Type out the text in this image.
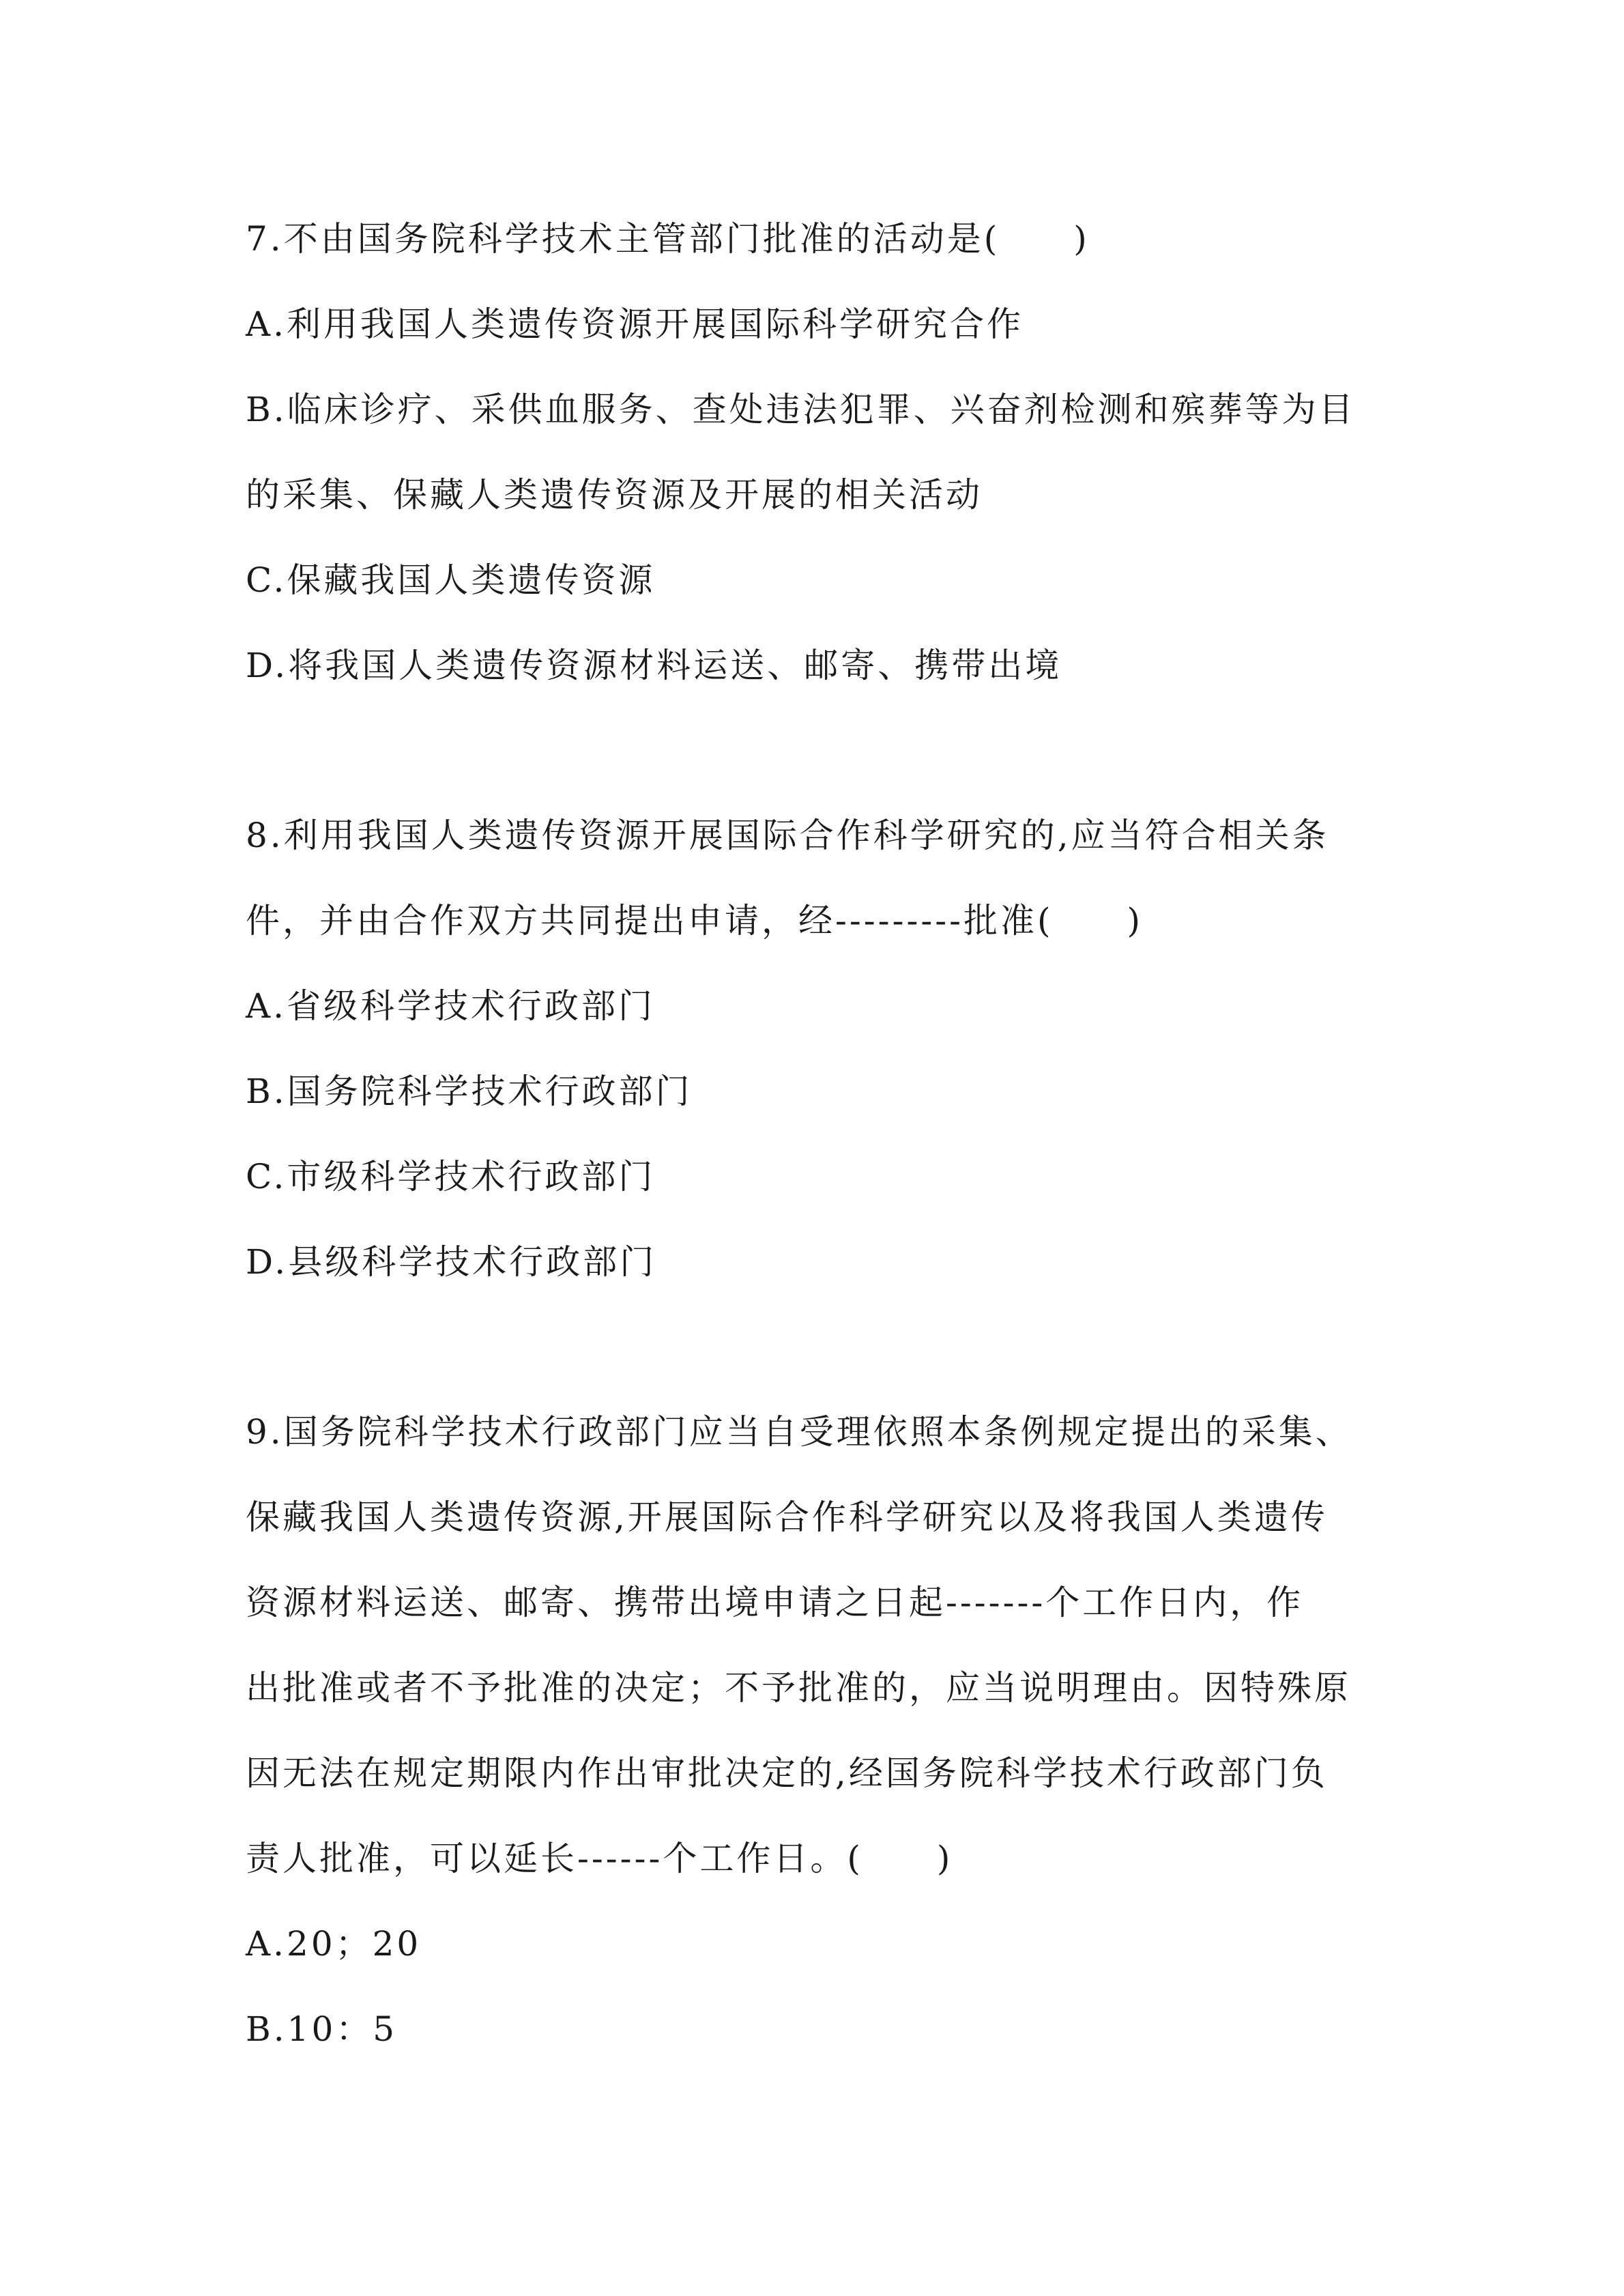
7.不由国务院科学技术主管部门批准的活动是(　　)
A.利用我国人类遗传资源开展国际科学研究合作
B.临床诊疗、采供血服务、查处违法犯罪、兴奋剂检测和殡葬等为目
的采集、保藏人类遗传资源及开展的相关活动
C.保藏我国人类遗传资源
D.将我国人类遗传资源材料运送、邮寄、携带出境
8.利用我国人类遗传资源开展国际合作科学研究的,应当符合相关条
件，并由合作双方共同提出申请，经---------批准(　　)
A.省级科学技术行政部门
B.国务院科学技术行政部门
C.市级科学技术行政部门
D.县级科学技术行政部门
9.国务院科学技术行政部门应当自受理依照本条例规定提出的采集、
保藏我国人类遗传资源,开展国际合作科学研究以及将我国人类遗传
资源材料运送、邮寄、携带出境申请之日起-------个工作日内，作
出批准或者不予批准的决定；不予批准的，应当说明理由。因特殊原
因无法在规定期限内作出审批决定的,经国务院科学技术行政部门负
责人批准，可以延长------个工作日。(　　)
A.20；20
B.10：5
